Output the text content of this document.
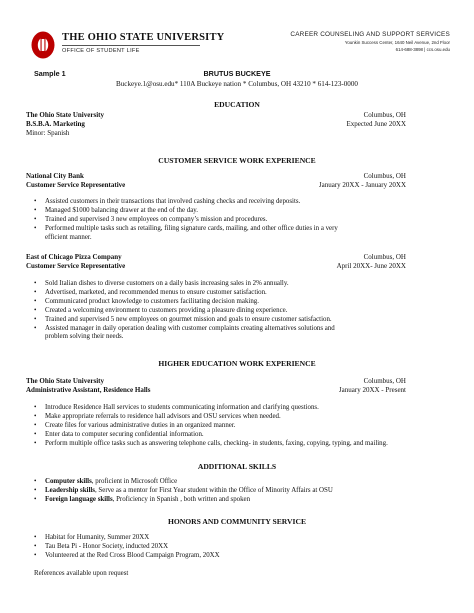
THE OHIO STATE UNIVERSITY
OFFICE OF STUDENT LIFE
CAREER COUNSELING AND SUPPORT SERVICES
Younkin Success Center, 1640 Neil Avenue, 2nd Floor
614-688-3898 | ccs.osu.edu
Sample 1	BRUTUS BUCKEYE
Buckeye.1@osu.edu* 110A Buckeye nation * Columbus, OH 43210 * 614-123-0000
EDUCATION
The Ohio State University	Columbus, OH
B.S.B.A. Marketing	Expected June 20XX
Minor: Spanish
CUSTOMER SERVICE WORK EXPERIENCE
National City Bank	Columbus, OH
Customer Service Representative	January 20XX - January 20XX
• Assisted customers in their transactions that involved cashing checks and receiving deposits.
• Managed $1000 balancing drawer at the end of the day.
• Trained and supervised 3 new employees on company’s mission and procedures.
• Performed multiple tasks such as retailing, filing signature cards, mailing, and other office duties in a very
efficient manner.
East of Chicago Pizza Company	Columbus, OH
Customer Service Representative	April 20XX- June 20XX
• Sold Italian dishes to diverse customers on a daily basis increasing sales in 2% annually.
• Advertised, marketed, and recommended menus to ensure customer satisfaction.
• Communicated product knowledge to customers facilitating decision making.
• Created a welcoming environment to customers providing a pleasure dining experience.
• Trained and supervised 5 new employees on gourmet mission and goals to ensure customer satisfaction.
• Assisted manager in daily operation dealing with customer complaints creating alternatives solutions and
problem solving their needs.
HIGHER EDUCATION WORK EXPERIENCE
The Ohio State University	Columbus, OH
Administrative Assistant, Residence Halls	January 20XX - Present
• Introduce Residence Hall services to students communicating information and clarifying questions.
• Make appropriate referrals to residence hall advisors and OSU services when needed.
• Create files for various administrative duties in an organized manner.
• Enter data to computer securing confidential information.
• Perform multiple office tasks such as answering telephone calls, checking- in students, faxing, copying, typing, and mailing.
ADDITIONAL SKILLS
• Computer skills, proficient in Microsoft Office
• Leadership skills, Serve as a mentor for First Year student within the Office of Minority Affairs at OSU
• Foreign language skills, Proficiency in Spanish , both written and spoken
HONORS AND COMMUNITY SERVICE
• Habitat for Humanity, Summer 20XX
• Tau Beta Pi - Honor Society, inducted 20XX
• Volunteered at the Red Cross Blood Campaign Program, 20XX
References available upon request
